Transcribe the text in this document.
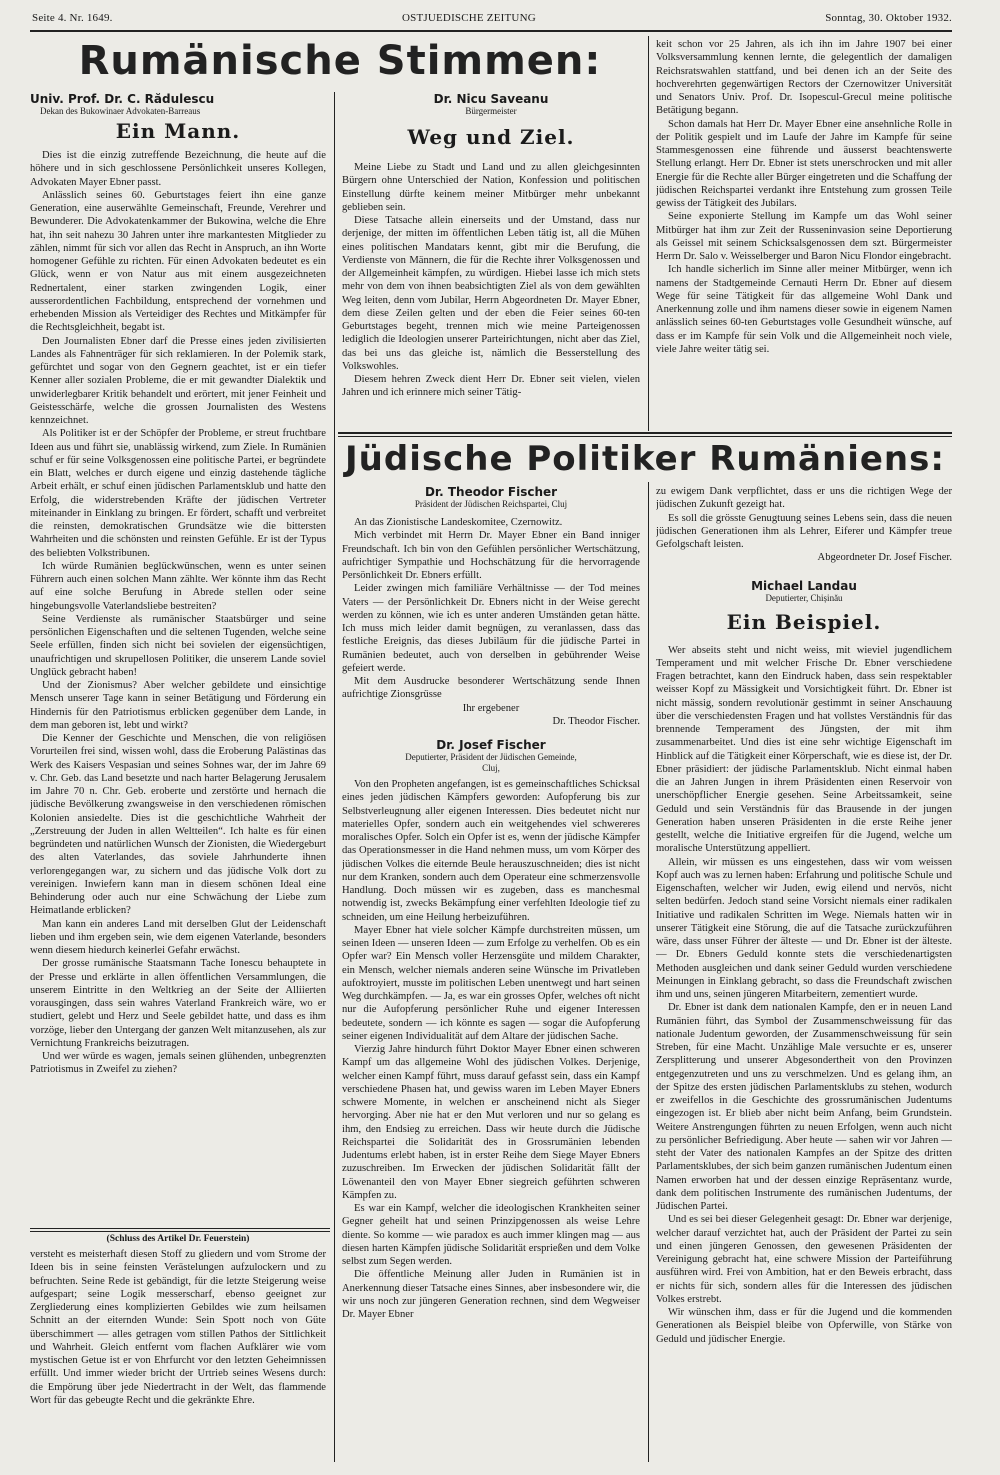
Seite 4. Nr. 1649.	OSTJUEDISCHE ZEITUNG	Sonntag, 30. Oktober 1932.
Rumänische Stimmen:
Univ. Prof. Dr. C. Rădulescu
Dekan des Bukowinaer Advokaten-Barreaus
Ein Mann.

Dies ist die einzig zutreffende Bezeichnung, die heute auf die höhere und in sich geschlossene Persönlichkeit unseres Kollegen, Advokaten Mayer Ebner passt.

Anlässlich seines 60. Geburtstages feiert ihn eine ganze Generation, eine auserwählte Gemeinschaft, Freunde, Verehrer und Bewunderer. Die Advokatenkammer der Bukowina, welche die Ehre hat, ihn seit nahezu 30 Jahren unter ihre markantesten Mitglieder zu zählen, nimmt für sich vor allen das Recht in Anspruch, an ihn Worte homogener Gefühle zu richten. Für einen Advokaten bedeutet es ein Glück, wenn er von Natur aus mit einem ausgezeichneten Rednertalent, einer starken zwingenden Logik, einer ausserordentlichen Fachbildung, entsprechend der vornehmen und erhebenden Mission als Verteidiger des Rechtes und Mitkämpfer für die Rechtsgleichheit, begabt ist.

Den Journalisten Ebner darf die Presse eines jeden zivilisierten Landes als Fahnenträger für sich reklamieren. In der Polemik stark, gefürchtet und sogar von den Gegnern geachtet, ist er ein tiefer Kenner aller sozialen Probleme, die er mit gewandter Dialektik und unwiderlegbarer Kritik behandelt und erörtert, mit jener Feinheit und Geistesschärfe, welche die grossen Journalisten des Westens kennzeichnet.

Als Politiker ist er der Schöpfer der Probleme, er streut fruchtbare Ideen aus und führt sie, unablässig wirkend, zum Ziele. In Rumänien schuf er für seine Volksgenossen eine politische Partei, er begründete ein Blatt, welches er durch eigene und einzig dastehende tägliche Arbeit erhält, er schuf einen jüdischen Parlamentsklub und hatte den Erfolg, die widerstrebenden Kräfte der jüdischen Vertreter miteinander in Einklang zu bringen. Er fördert, schafft und verbreitet die reinsten, demokratischen Grundsätze wie die bittersten Wahrheiten und die schönsten und reinsten Gefühle. Er ist der Typus des beliebten Volkstribunen.

Ich würde Rumänien beglückwünschen, wenn es unter seinen Führern auch einen solchen Mann zählte. Wer könnte ihm das Recht auf eine solche Berufung in Abrede stellen oder seine hingebungsvolle Vaterlandsliebe bestreiten?

Seine Verdienste als rumänischer Staatsbürger und seine persönlichen Eigenschaften und die seltenen Tugenden, welche seine Seele erfüllen, finden sich nicht bei sovielen der eigensüchtigen, unaufrichtigen und skrupellosen Politiker, die unserem Lande soviel Unglück gebracht haben!

Und der Zionismus? Aber welcher gebildete und einsichtige Mensch unserer Tage kann in seiner Betätigung und Förderung ein Hindernis für den Patriotismus erblicken gegenüber dem Lande, in dem man geboren ist, lebt und wirkt?

Die Kenner der Geschichte und Menschen, die von religiösen Vorurteilen frei sind, wissen wohl, dass die Eroberung Palästinas das Werk des Kaisers Vespasian und seines Sohnes war, der im Jahre 69 v. Chr. Geb. das Land besetzte und nach harter Belagerung Jerusalem im Jahre 70 n. Chr. Geb. eroberte und zerstörte und hernach die jüdische Bevölkerung zwangsweise in den verschiedenen römischen Kolonien ansiedelte. Dies ist die geschichtliche Wahrheit der „Zerstreuung der Juden in allen Weltteilen“. Ich halte es für einen begründeten und natürlichen Wunsch der Zionisten, die Wiedergeburt des alten Vaterlandes, das soviele Jahrhunderte ihnen verlorengegangen war, zu sichern und das jüdische Volk dort zu vereinigen. Inwiefern kann man in diesem schönen Ideal eine Behinderung oder auch nur eine Schwächung der Liebe zum Heimatlande erblicken?

Man kann ein anderes Land mit derselben Glut der Leidenschaft lieben und ihm ergeben sein, wie dem eigenen Vaterlande, besonders wenn diesem hiedurch keinerlei Gefahr erwächst.

Der grosse rumänische Staatsmann Tache Ionescu behauptete in der Presse und erklärte in allen öffentlichen Versammlungen, die unserem Eintritte in den Weltkrieg an der Seite der Alliierten vorausgingen, dass sein wahres Vaterland Frankreich wäre, wo er studiert, gelebt und Herz und Seele gebildet hatte, und dass es ihm vorzöge, lieber den Untergang der ganzen Welt mitanzusehen, als zur Vernichtung Frankreichs beizutragen.

Und wer würde es wagen, jemals seinen glühenden, unbegrenzten Patriotismus in Zweifel zu ziehen?

(Schluss des Artikel Dr. Feuerstein)

versteht es meisterhaft diesen Stoff zu gliedern und vom Strome der Ideen bis in seine feinsten Verästelungen aufzulockern und zu befruchten. Seine Rede ist gebändigt, für die letzte Steigerung weise aufgespart; seine Logik messerscharf, ebenso geeignet zur Zergliederung eines komplizierten Gebildes wie zum heilsamen Schnitt an der eiternden Wunde: Sein Spott noch von Güte überschimmert — alles getragen vom stillen Pathos der Sittlichkeit und Wahrheit. Gleich entfernt vom flachen Aufklärer wie vom mystischen Getue ist er von Ehrfurcht vor den letzten Geheimnissen erfüllt. Und immer wieder bricht der Urtrieb seines Wesens durch: die Empörung über jede Niedertracht in der Welt, das flammende Wort für das gebeugte Recht und die gekränkte Ehre.

Dr. Nicu Saveanu
Bürgermeister
Weg und Ziel.

Meine Liebe zu Stadt und Land und zu allen gleichgesinnten Bürgern ohne Unterschied der Nation, Konfession und politischen Einstellung dürfte keinem meiner Mitbürger mehr unbekannt geblieben sein.

Diese Tatsache allein einerseits und der Umstand, dass nur derjenige, der mitten im öffentlichen Leben tätig ist, all die Mühen eines politischen Mandatars kennt, gibt mir die Berufung, die Verdienste von Männern, die für die Rechte ihrer Volksgenossen und der Allgemeinheit kämpfen, zu würdigen. Hiebei lasse ich mich stets mehr von dem von ihnen beabsichtigten Ziel als von dem gewählten Weg leiten, denn vom Jubilar, Herrn Abgeordneten Dr. Mayer Ebner, dem diese Zeilen gelten und der eben die Feier seines 60-ten Geburtstages begeht, trennen mich wie meine Parteigenossen lediglich die Ideologien unserer Parteirichtungen, nicht aber das Ziel, das bei uns das gleiche ist, nämlich die Besserstellung des Volkswohles.

Diesem hehren Zweck dient Herr Dr. Ebner seit vielen, vielen Jahren und ich erinnere mich seiner Tätig-

keit schon vor 25 Jahren, als ich ihn im Jahre 1907 bei einer Volksversammlung kennen lernte, die gelegentlich der damaligen Reichsratswahlen stattfand, und bei denen ich an der Seite des hochverehrten gegenwärtigen Rectors der Czernowitzer Universität und Senators Univ. Prof. Dr. Isopescul-Grecul meine politische Betätigung begann.

Schon damals hat Herr Dr. Mayer Ebner eine ansehnliche Rolle in der Politik gespielt und im Laufe der Jahre im Kampfe für seine Stammesgenossen eine führende und äusserst beachtenswerte Stellung erlangt. Herr Dr. Ebner ist stets unerschrocken und mit aller Energie für die Rechte aller Bürger eingetreten und die Schaffung der jüdischen Reichspartei verdankt ihre Entstehung zum grossen Teile gewiss der Tätigkeit des Jubilars.

Seine exponierte Stellung im Kampfe um das Wohl seiner Mitbürger hat ihm zur Zeit der Russeninvasion seine Deportierung als Geissel mit seinem Schicksalsgenossen dem szt. Bürgermeister Herrn Dr. Salo v. Weisselberger und Baron Nicu Flondor eingebracht.

Ich handle sicherlich im Sinne aller meiner Mitbürger, wenn ich namens der Stadtgemeinde Cernauti Herrn Dr. Ebner auf diesem Wege für seine Tätigkeit für das allgemeine Wohl Dank und Anerkennung zolle und ihm namens dieser sowie in eigenem Namen anlässlich seines 60-ten Geburtstages volle Gesundheit wünsche, auf dass er im Kampfe für sein Volk und die Allgemeinheit noch viele, viele Jahre weiter tätig sei.

Jüdische Politiker Rumäniens:
Dr. Theodor Fischer
Präsident der Jüdischen Reichspartei, Cluj

An das Zionistische Landeskomitee, Czernowitz.

Mich verbindet mit Herrn Dr. Mayer Ebner ein Band inniger Freundschaft. Ich bin von den Gefühlen persönlicher Wertschätzung, aufrichtiger Sympathie und Hochschätzung für die hervorragende Persönlichkeit Dr. Ebners erfüllt.

Leider zwingen mich familiäre Verhältnisse — der Tod meines Vaters — der Persönlichkeit Dr. Ebners nicht in der Weise gerecht werden zu können, wie ich es unter anderen Umständen getan hätte. Ich muss mich leider damit begnügen, zu veranlassen, dass das festliche Ereignis, das dieses Jubiläum für die jüdische Partei in Rumänien bedeutet, auch von derselben in gebührender Weise gefeiert werde.

Mit dem Ausdrucke besonderer Wertschätzung sende Ihnen aufrichtige Zionsgrüsse

Ihr ergebener
Dr. Theodor Fischer.
Dr. Josef Fischer
Deputierter, Präsident der Jüdischen Gemeinde, Cluj,

Von den Propheten angefangen, ist es gemeinschaftliches Schicksal eines jeden jüdischen Kämpfers geworden: Aufopferung bis zur Selbstverleugnung aller eigenen Interessen. Dies bedeutet nicht nur materielles Opfer, sondern auch ein weitgehendes viel schwereres moralisches Opfer. Solch ein Opfer ist es, wenn der jüdische Kämpfer das Operationsmesser in die Hand nehmen muss, um vom Körper des jüdischen Volkes die eiternde Beule herauszuschneiden; dies ist nicht nur dem Kranken, sondern auch dem Operateur eine schmerzensvolle Handlung. Doch müssen wir es zugeben, dass es manchesmal notwendig ist, zwecks Bekämpfung einer verfehlten Ideologie tief zu schneiden, um eine Heilung herbeizuführen.

Mayer Ebner hat viele solcher Kämpfe durchstreiten müssen, um seinen Ideen — unseren Ideen — zum Erfolge zu verhelfen. Ob es ein Opfer war? Ein Mensch voller Herzensgüte und mildem Charakter, ein Mensch, welcher niemals anderen seine Wünsche im Privatleben aufoktroyiert, musste im politischen Leben unentwegt und hart seinen Weg durchkämpfen. — Ja, es war ein grosses Opfer, welches oft nicht nur die Aufopferung persönlicher Ruhe und eigener Interessen bedeutete, sondern — ich könnte es sagen — sogar die Aufopferung seiner eigenen Individualität auf dem Altare der jüdischen Sache.

Vierzig Jahre hindurch führt Doktor Mayer Ebner einen schweren Kampf um das allgemeine Wohl des jüdischen Volkes. Derjenige, welcher einen Kampf führt, muss darauf gefasst sein, dass ein Kampf verschiedene Phasen hat, und gewiss waren im Leben Mayer Ebners schwere Momente, in welchen er anscheinend nicht als Sieger hervorging. Aber nie hat er den Mut verloren und nur so gelang es ihm, den Endsieg zu erreichen. Dass wir heute durch die Jüdische Reichspartei die Solidarität des in Grossrumänien lebenden Judentums erlebt haben, ist in erster Reihe dem Siege Mayer Ebners zuzuschreiben. Im Erwecken der jüdischen Solidarität fällt der Löwenanteil den von Mayer Ebner siegreich geführten schweren Kämpfen zu.

Es war ein Kampf, welcher die ideologischen Krankheiten seiner Gegner geheilt hat und seinen Prinzipgenossen als weise Lehre diente. So komme — wie paradox es auch immer klingen mag — aus diesen harten Kämpfen jüdische Solidarität ersprießen und dem Volke selbst zum Segen werden.

Die öffentliche Meinung aller Juden in Rumänien ist in Anerkennung dieser Tatsache eines Sinnes, aber insbesondere wir, die wir uns noch zur jüngeren Generation rechnen, sind dem Wegweiser Dr. Mayer Ebner

zu ewigem Dank verpflichtet, dass er uns die richtigen Wege der jüdischen Zukunft gezeigt hat.

Es soll die grösste Genugtuung seines Lebens sein, dass die neuen jüdischen Generationen ihm als Lehrer, Eiferer und Kämpfer treue Gefolgschaft leisten.

Abgeordneter Dr. Josef Fischer.
Michael Landau
Deputierter, Chișinău
Ein Beispiel.

Wer abseits steht und nicht weiss, mit wieviel jugendlichem Temperament und mit welcher Frische Dr. Ebner verschiedene Fragen betrachtet, kann den Eindruck haben, dass sein respektabler weisser Kopf zu Mässigkeit und Vorsichtigkeit führt. Dr. Ebner ist nicht mässig, sondern revolutionär gestimmt in seiner Anschauung über die verschiedensten Fragen und hat vollstes Verständnis für das brennende Temperament des Jüngsten, der mit ihm zusammenarbeitet. Und dies ist eine sehr wichtige Eigenschaft im Hinblick auf die Tätigkeit einer Körperschaft, wie es diese ist, der Dr. Ebner präsidiert: der jüdische Parlamentsklub. Nicht einmal haben die an Jahren Jungen in ihrem Präsidenten einen Reservoir von unerschöpflicher Energie gesehen. Seine Arbeitssamkeit, seine Geduld und sein Verständnis für das Brausende in der jungen Generation haben unseren Präsidenten in die erste Reihe jener gestellt, welche die Initiative ergreifen für die Jugend, welche um moralische Unterstützung appelliert.

Allein, wir müssen es uns eingestehen, dass wir vom weissen Kopf auch was zu lernen haben: Erfahrung und politische Schule und Eigenschaften, welcher wir Juden, ewig eilend und nervös, nicht selten bedürfen. Jedoch stand seine Vorsicht niemals einer radikalen Initiative und radikalen Schritten im Wege. Niemals hatten wir in unserer Tätigkeit eine Störung, die auf die Tatsache zurückzuführen wäre, dass unser Führer der älteste — und Dr. Ebner ist der älteste. — Dr. Ebners Geduld konnte stets die verschiedenartigsten Methoden ausgleichen und dank seiner Geduld wurden verschiedene Meinungen in Einklang gebracht, so dass die Freundschaft zwischen ihm und uns, seinen jüngeren Mitarbeitern, zementiert wurde.

Dr. Ebner ist dank dem nationalen Kampfe, den er in neuen Land Rumänien führt, das Symbol der Zusammenschweissung für das nationale Judentum geworden, der Zusammenschweissung für sein Streben, für eine Macht. Unzählige Male versuchte er es, unserer Zersplitterung und unserer Abgesondertheit von den Provinzen entgegenzutreten und uns zu verschmelzen. Und es gelang ihm, an der Spitze des ersten jüdischen Parlamentsklubs zu stehen, wodurch er zweifellos in die Geschichte des grossrumänischen Judentums eingezogen ist. Er blieb aber nicht beim Anfang, beim Grundstein. Weitere Anstrengungen führten zu neuen Erfolgen, wenn auch nicht zu persönlicher Befriedigung. Aber heute — sahen wir vor Jahren — steht der Vater des nationalen Kampfes an der Spitze des dritten Parlamentsklubes, der sich beim ganzen rumänischen Judentum einen Namen erworben hat und der dessen einzige Repräsentanz wurde, dank dem politischen Instrumente des rumänischen Judentums, der Jüdischen Partei.

Und es sei bei dieser Gelegenheit gesagt: Dr. Ebner war derjenige, welcher darauf verzichtet hat, auch der Präsident der Partei zu sein und einen jüngeren Genossen, den gewesenen Präsidenten der Vereinigung gebracht hat, eine schwere Mission der Parteiführung ausführen wird. Frei von Ambition, hat er den Beweis erbracht, dass er nichts für sich, sondern alles für die Interessen des jüdischen Volkes erstrebt.

Wir wünschen ihm, dass er für die Jugend und die kommenden Generationen als Beispiel bleibe von Opferwille, von Stärke von Geduld und jüdischer Energie.
